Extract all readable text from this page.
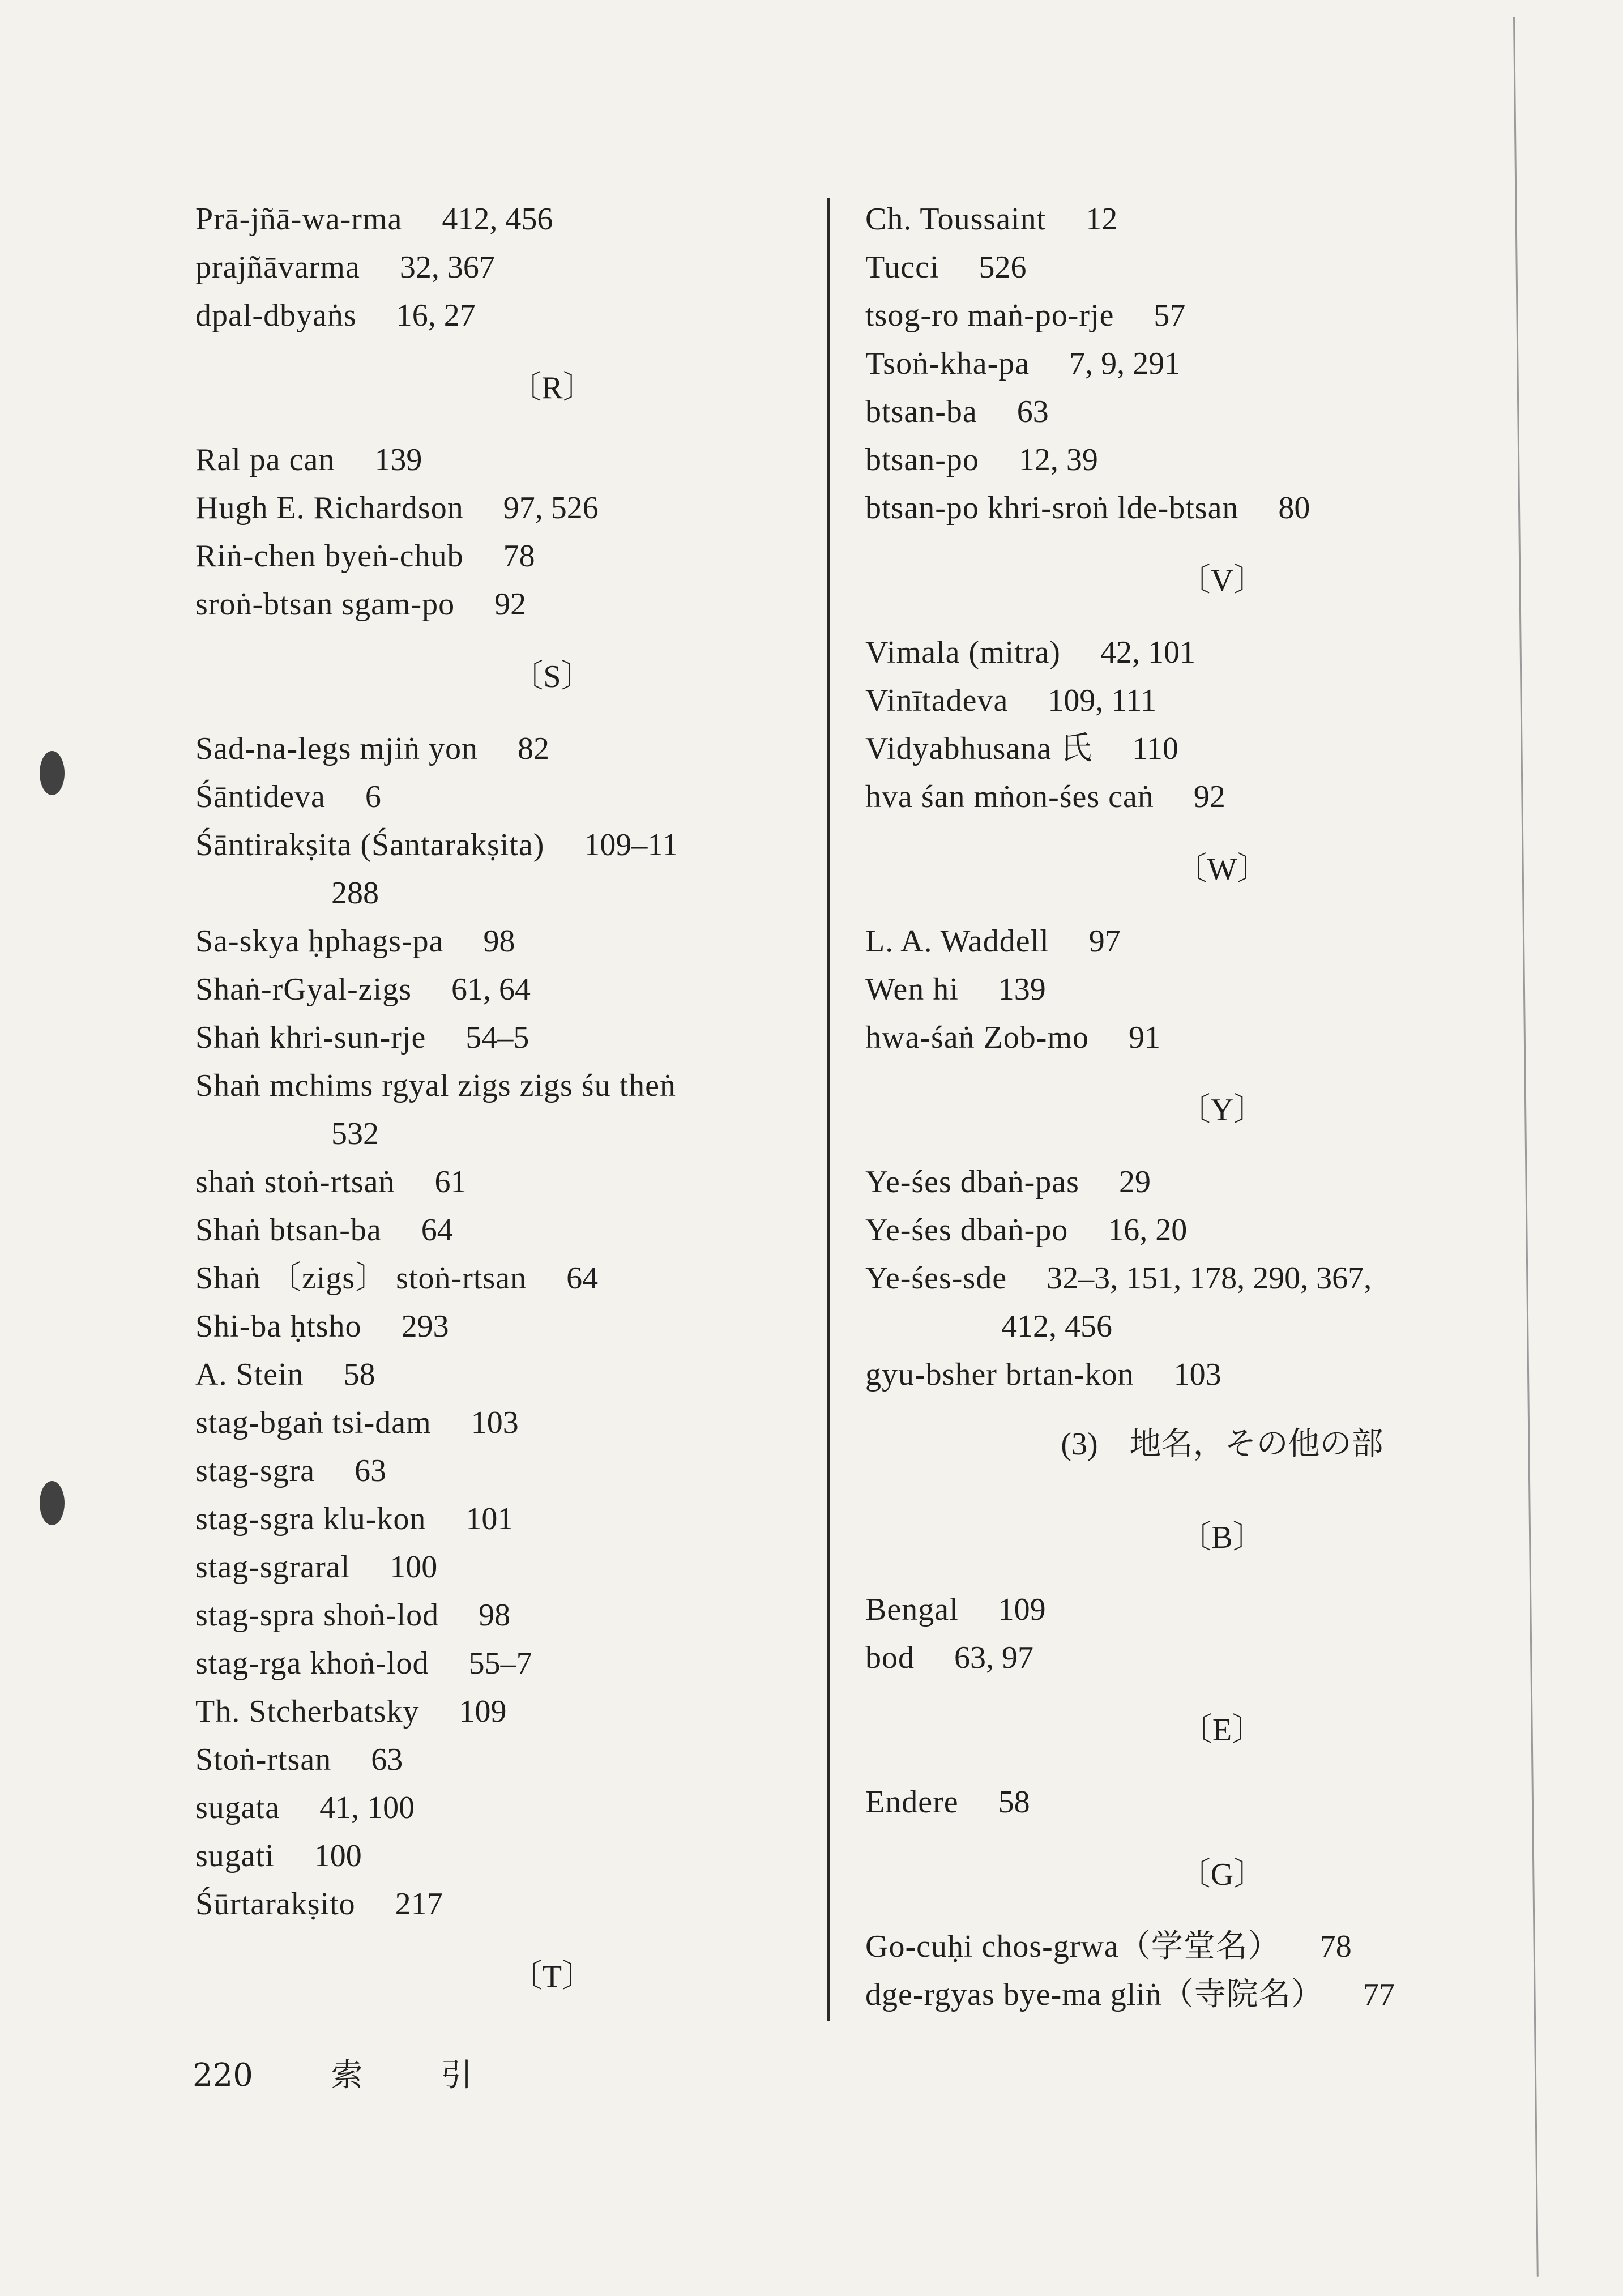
Prā-jñā-wa-rma 412, 456
prajñāvarma 32, 367
dpal-dbyaṅs 16, 27
〔R〕
Ral pa can 139
Hugh E. Richardson 97, 526
Riṅ-chen byeṅ-chub 78
sroṅ-btsan sgam-po 92
〔S〕
Sad-na-legs mjiṅ yon 82
Śāntideva 6
Śāntirakṣita (Śantarakṣita) 109–11
288
Sa-skya ḥphags-pa 98
Shaṅ-rGyal-zigs 61, 64
Shaṅ khri-sun-rje 54–5
Shaṅ mchims rgyal zigs zigs śu theṅ
532
shaṅ stoṅ-rtsaṅ 61
Shaṅ btsan-ba 64
Shaṅ 〔zigs〕 stoṅ-rtsan 64
Shi-ba ḥtsho 293
A. Stein 58
stag-bgaṅ tsi-dam 103
stag-sgra 63
stag-sgra klu-kon 101
stag-sgraral 100
stag-spra shoṅ-lod 98
stag-rga khoṅ-lod 55–7
Th. Stcherbatsky 109
Stoṅ-rtsan 63
sugata 41, 100
sugati 100
Śūrtarakṣito 217
〔T〕
Ch. Toussaint 12
Tucci 526
tsog-ro maṅ-po-rje 57
Tsoṅ-kha-pa 7, 9, 291
btsan-ba 63
btsan-po 12, 39
btsan-po khri-sroṅ lde-btsan 80
〔V〕
Vimala (mitra) 42, 101
Vinītadeva 109, 111
Vidyabhusana 氏 110
hva śan mṅon-śes caṅ 92
〔W〕
L. A. Waddell 97
Wen hi 139
hwa-śaṅ Zob-mo 91
〔Y〕
Ye-śes dbaṅ-pas 29
Ye-śes dbaṅ-po 16, 20
Ye-śes-sde 32–3, 151, 178, 290, 367,
412, 456
gyu-bsher brtan-kon 103
(3)　地名，その他の部
〔B〕
Bengal 109
bod 63, 97
〔E〕
Endere 58
〔G〕
Go-cuḥi chos-grwa（学堂名） 78
dge-rgyas bye-ma gliṅ（寺院名） 77
220 索 引
